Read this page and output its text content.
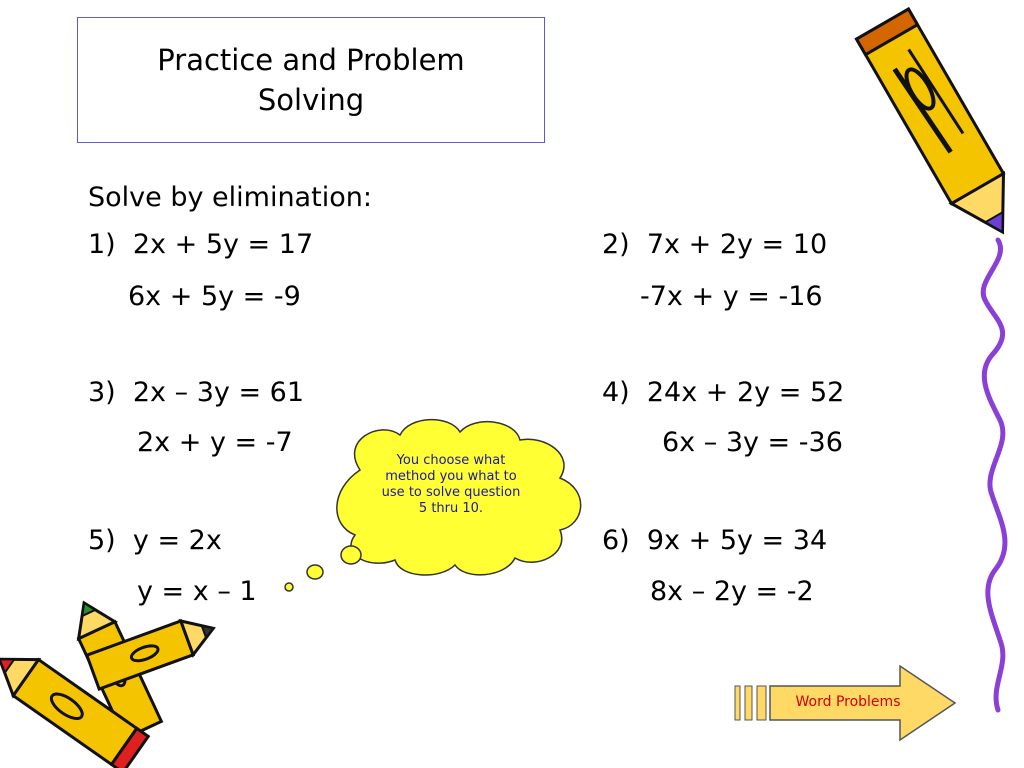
Practice and Problem Solving
Solve by elimination:
1)  2x + 5y = 17
6x + 5y = -9
2)  7x + 2y = 10
-7x + y = -16
3)  2x – 3y = 61
2x + y = -7
4)  24x + 2y = 52
6x – 3y = -36
5)  y = 2x
y = x – 1
6)  9x + 5y = 34
8x – 2y = -2
You choose what method you what to use to solve question 5 thru 10.
Word Problems
